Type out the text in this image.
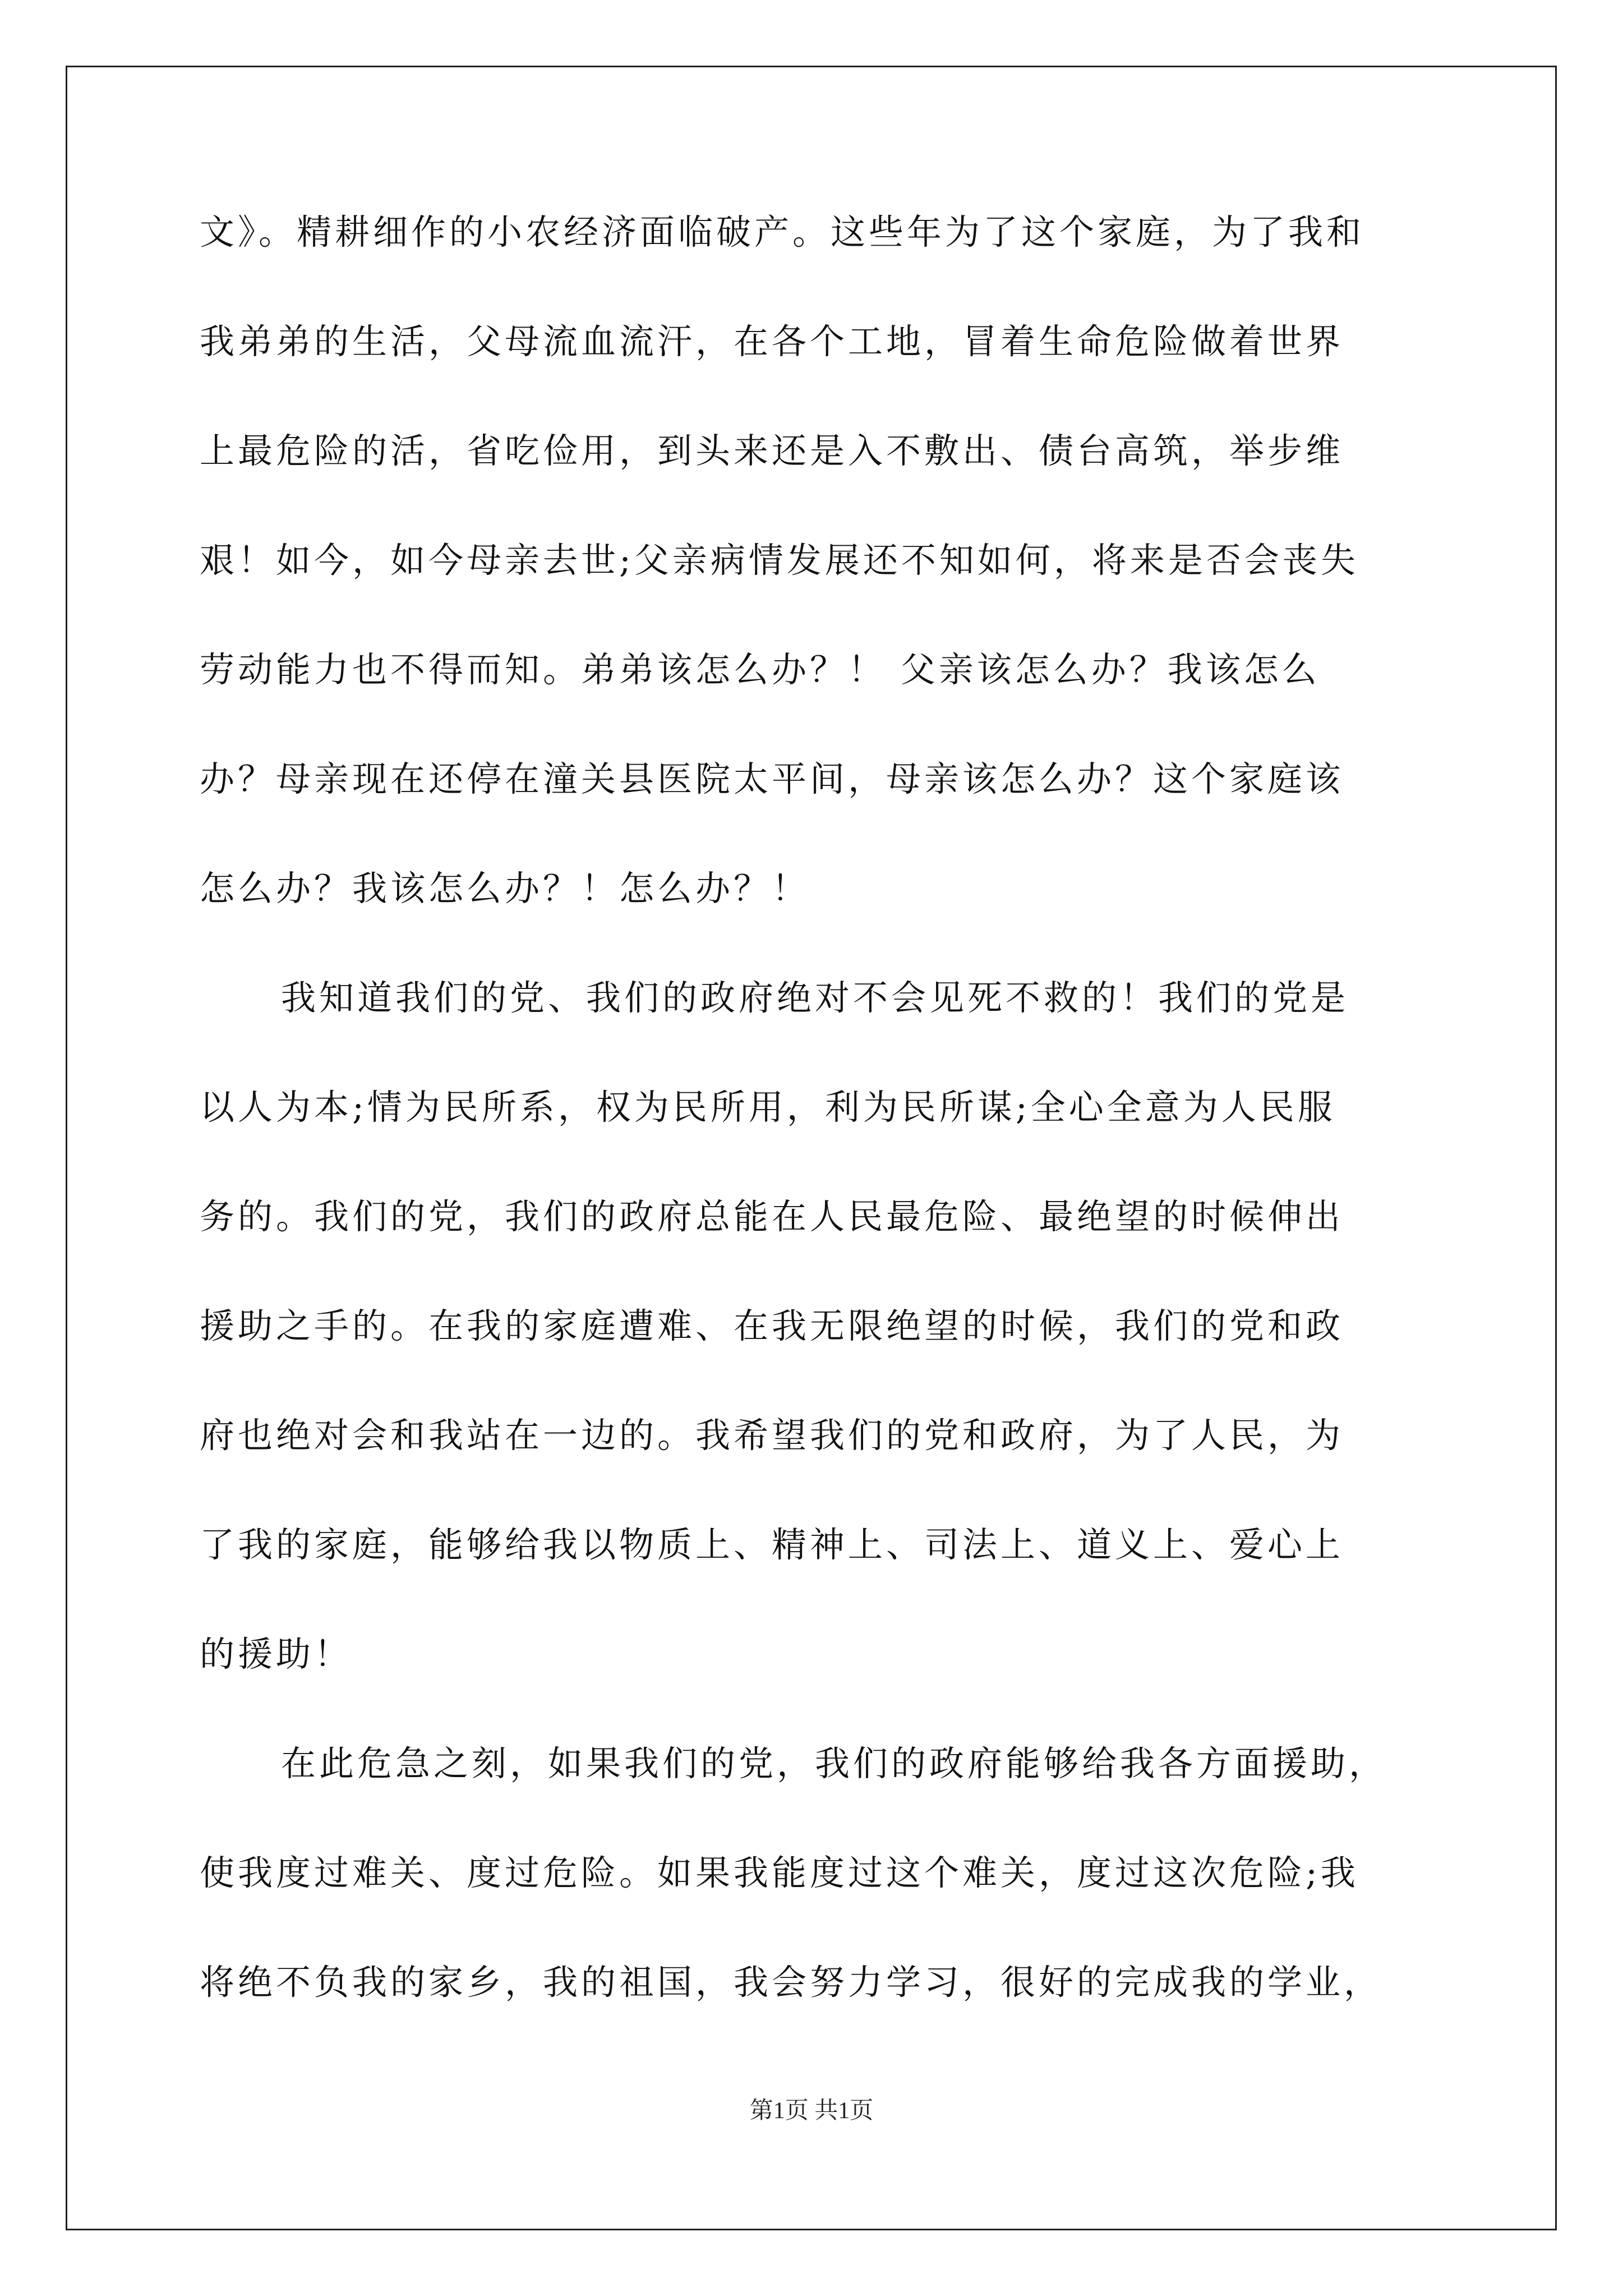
文》。精耕细作的小农经济面临破产。这些年为了这个家庭，为了我和
我弟弟的生活，父母流血流汗，在各个工地，冒着生命危险做着世界
上最危险的活，省吃俭用，到头来还是入不敷出、债台高筑，举步维
艰！如今，如今母亲去世;父亲病情发展还不知如何，将来是否会丧失
劳动能力也不得而知。弟弟该怎么办？！ 父亲该怎么办？我该怎么
办？母亲现在还停在潼关县医院太平间，母亲该怎么办？这个家庭该
怎么办？我该怎么办？！怎么办？！
我知道我们的党、我们的政府绝对不会见死不救的！我们的党是
以人为本;情为民所系，权为民所用，利为民所谋;全心全意为人民服
务的。我们的党，我们的政府总能在人民最危险、最绝望的时候伸出
援助之手的。在我的家庭遭难、在我无限绝望的时候，我们的党和政
府也绝对会和我站在一边的。我希望我们的党和政府，为了人民，为
了我的家庭，能够给我以物质上、精神上、司法上、道义上、爱心上
的援助！
在此危急之刻，如果我们的党，我们的政府能够给我各方面援助，
使我度过难关、度过危险。如果我能度过这个难关，度过这次危险;我
将绝不负我的家乡，我的祖国，我会努力学习，很好的完成我的学业，
第1页 共1页
